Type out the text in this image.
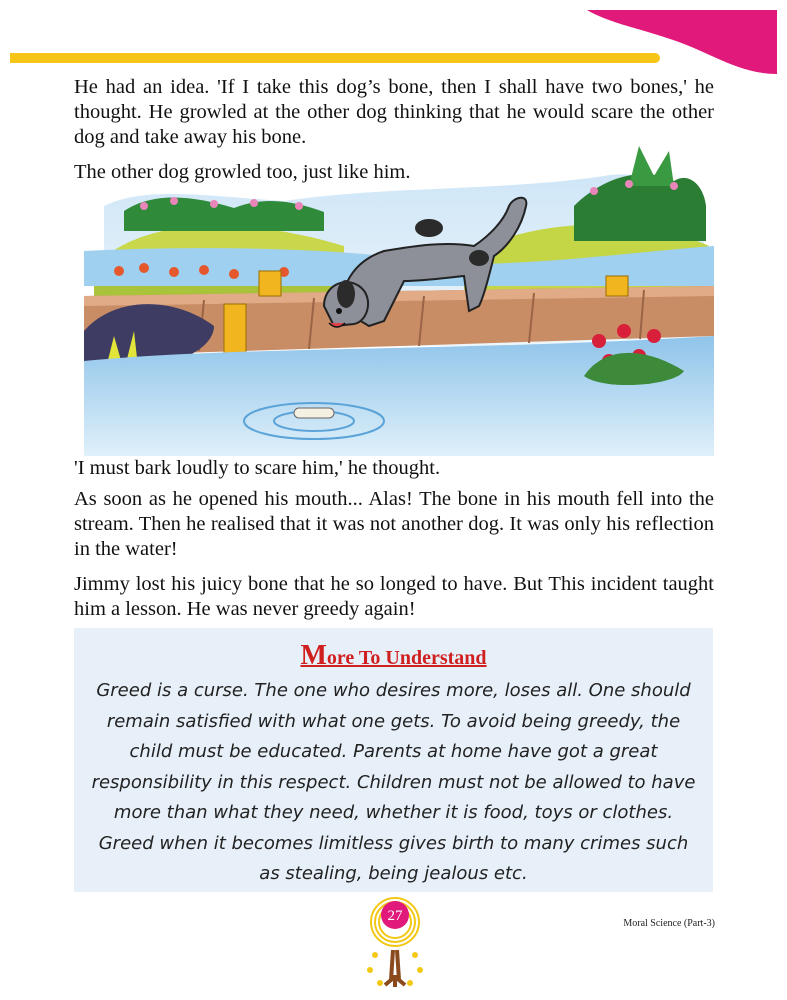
He had an idea. 'If I take this dog’s bone, then I shall have two bones,' he thought. He growled at the other dog thinking that he would scare the other dog and take away his bone.

The other dog growled too, just like him.

'I must bark loudly to scare him,' he thought.

As soon as he opened his mouth... Alas! The bone in his mouth fell into the stream. Then he realised that it was not another dog. It was only his reflection in the water!

Jimmy lost his juicy bone that he so longed to have. But This incident taught him a lesson. He was never greedy again!

More To Understand
Greed is a curse. The one who desires more, loses all. One should remain satisfied with what one gets. To avoid being greedy, the child must be educated. Parents at home have got a great responsibility in this respect. Children must not be allowed to have more than what they need, whether it is food, toys or clothes. Greed when it becomes limitless gives birth to many crimes such as stealing, being jealous etc.
27	Moral Science (Part-3)
